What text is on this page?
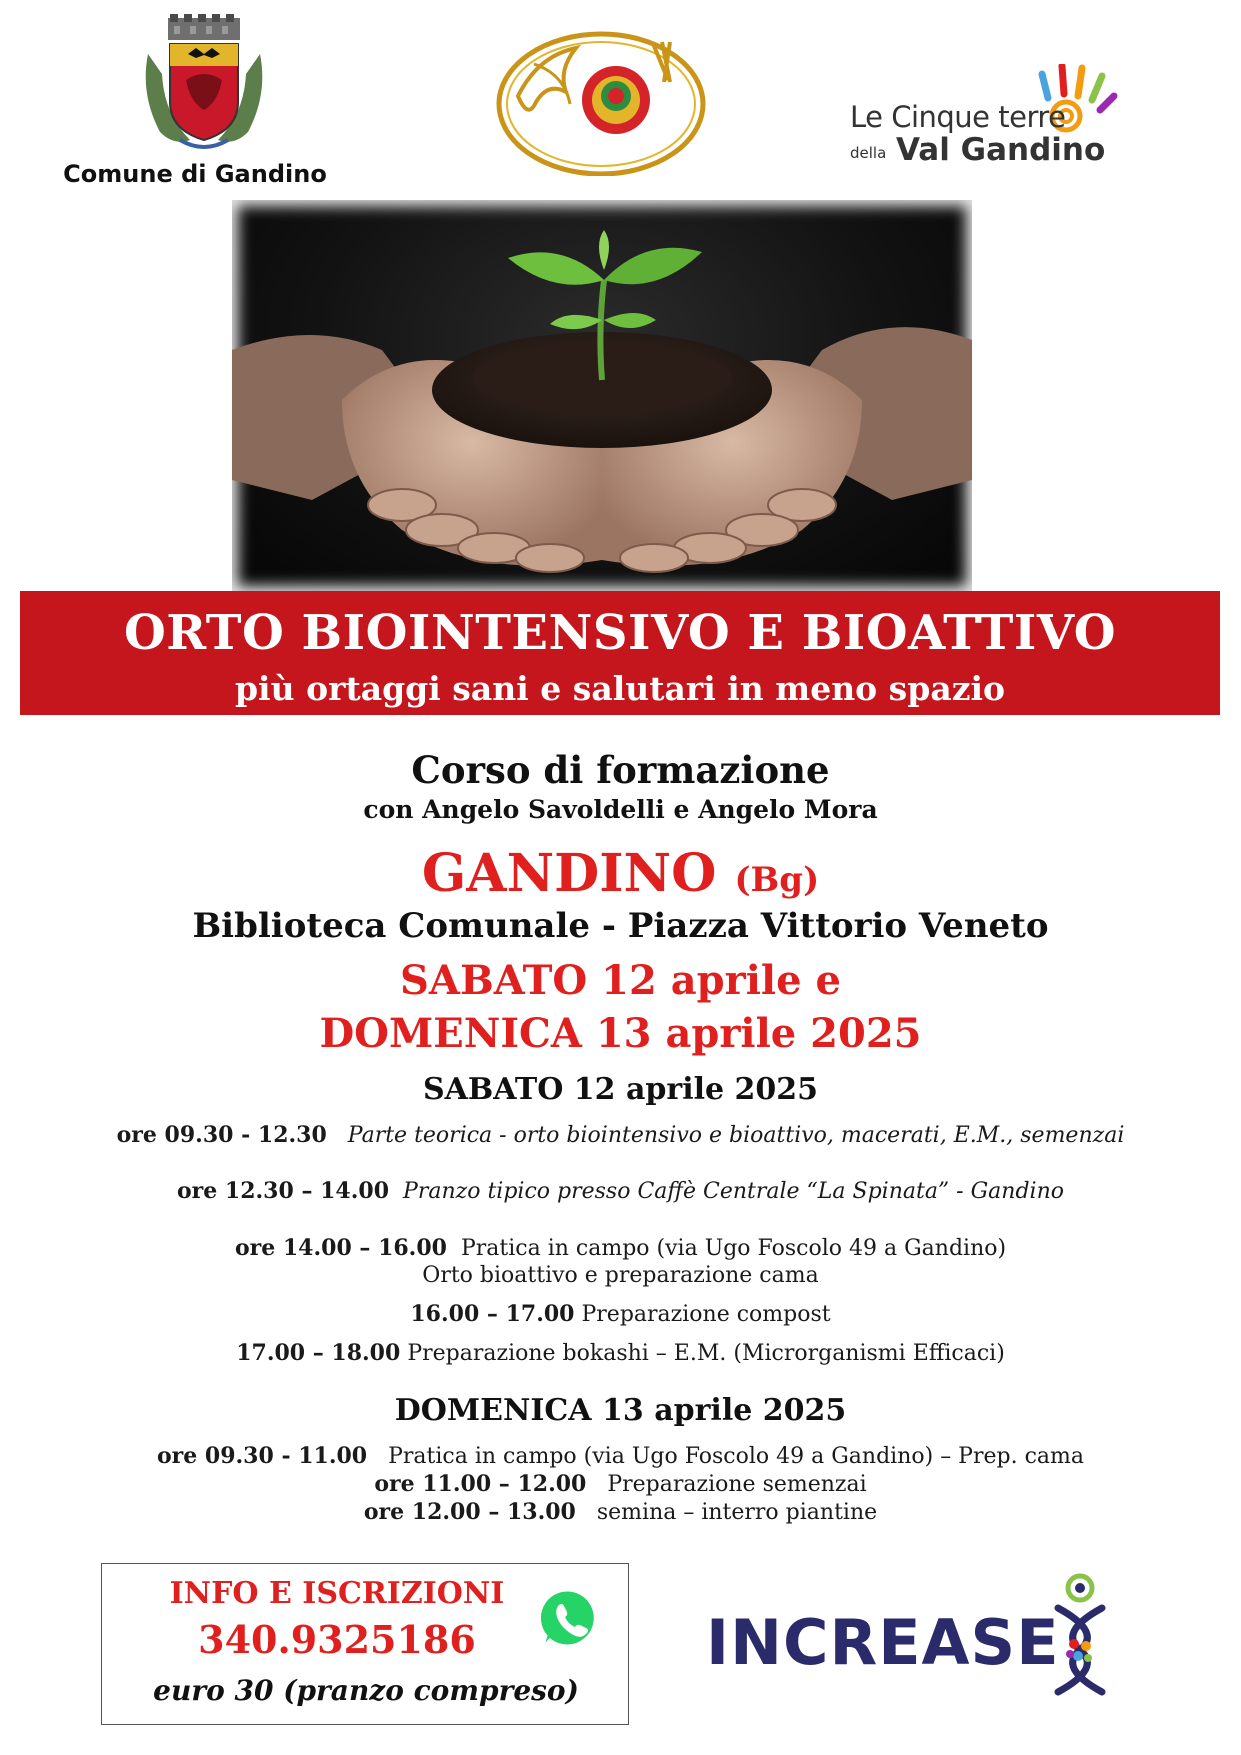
Comune di Gandino
Le Cinque terre
della Val Gandino
ORTO BIOINTENSIVO E BIOATTIVO
più ortaggi sani e salutari in meno spazio
Corso di formazione
con Angelo Savoldelli e Angelo Mora
GANDINO (Bg)
Biblioteca Comunale - Piazza Vittorio Veneto
SABATO 12 aprile e
DOMENICA 13 aprile 2025
SABATO 12 aprile 2025
ore 09.30 - 12.30 Parte teorica - orto biointensivo e bioattivo, macerati, E.M., semenzai
ore 12.30 – 14.00 Pranzo tipico presso Caffè Centrale “La Spinata” - Gandino
ore 14.00 – 16.00 Pratica in campo (via Ugo Foscolo 49 a Gandino)
Orto bioattivo e preparazione cama
16.00 – 17.00 Preparazione compost
17.00 – 18.00 Preparazione bokashi – E.M. (Microrganismi Efficaci)
DOMENICA 13 aprile 2025
ore 09.30 - 11.00 Pratica in campo (via Ugo Foscolo 49 a Gandino) – Prep. cama
ore 11.00 – 12.00 Preparazione semenzai
ore 12.00 – 13.00 semina – interro piantine
INFO E ISCRIZIONI
340.9325186
euro 30 (pranzo compreso)
INCREASE
